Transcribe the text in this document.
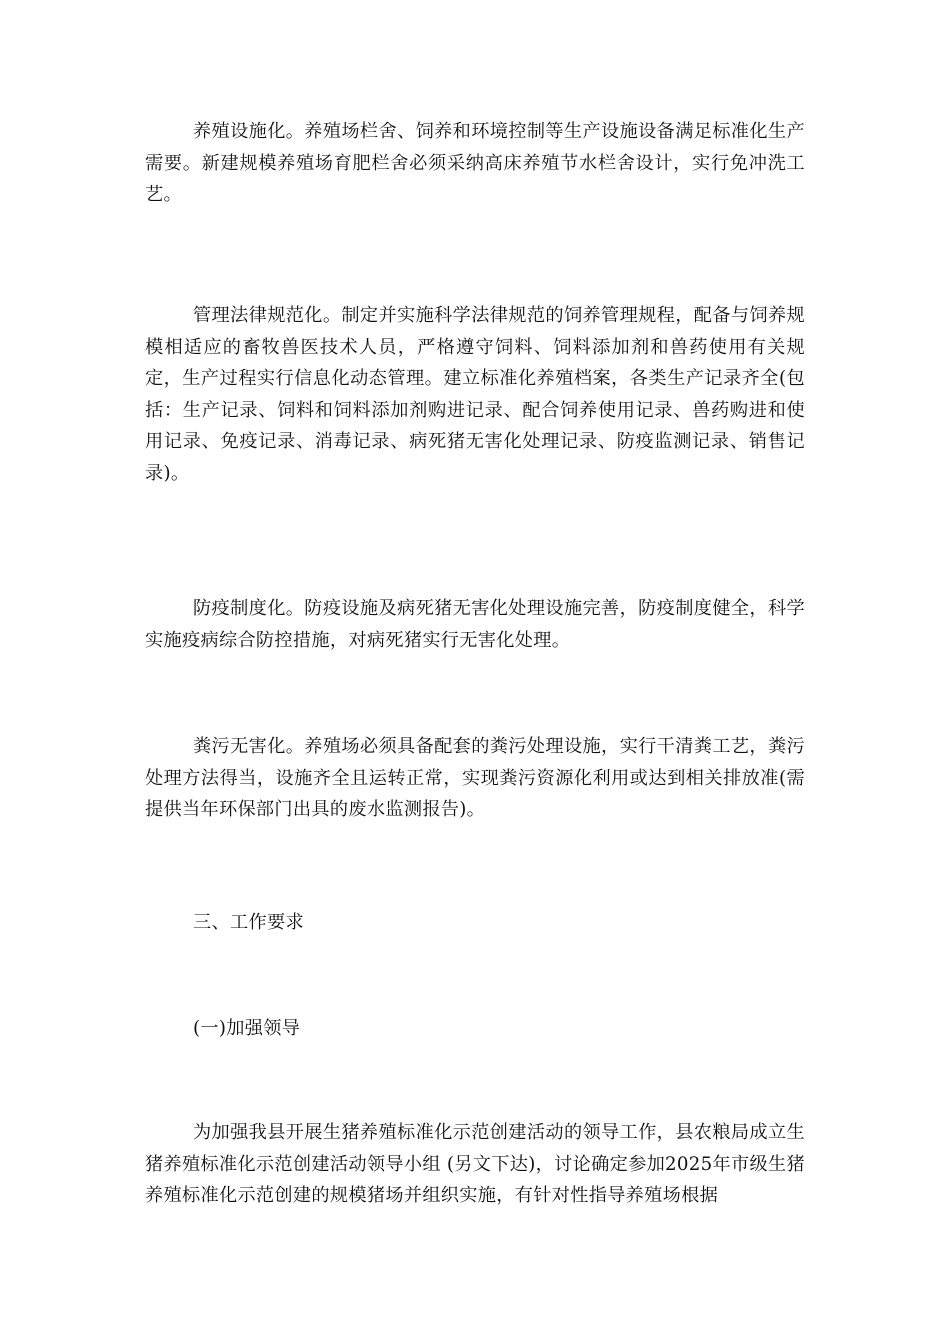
养殖设施化。养殖场栏舍、饲养和环境控制等生产设施设备满足标准化生产需要。新建规模养殖场育肥栏舍必须采纳高床养殖节水栏舍设计，实行免冲洗工艺。

管理法律规范化。制定并实施科学法律规范的饲养管理规程，配备与饲养规模相适应的畜牧兽医技术人员，严格遵守饲料、饲料添加剂和兽药使用有关规定，生产过程实行信息化动态管理。建立标准化养殖档案，各类生产记录齐全(包括：生产记录、饲料和饲料添加剂购进记录、配合饲养使用记录、兽药购进和使用记录、免疫记录、消毒记录、病死猪无害化处理记录、防疫监测记录、销售记录)。

防疫制度化。防疫设施及病死猪无害化处理设施完善，防疫制度健全，科学实施疫病综合防控措施，对病死猪实行无害化处理。

粪污无害化。养殖场必须具备配套的粪污处理设施，实行干清粪工艺，粪污处理方法得当，设施齐全且运转正常，实现粪污资源化利用或达到相关排放准(需提供当年环保部门出具的废水监测报告)。

三、工作要求

(一)加强领导

为加强我县开展生猪养殖标准化示范创建活动的领导工作，县农粮局成立生猪养殖标准化示范创建活动领导小组 (另文下达)，讨论确定参加2025年市级生猪养殖标准化示范创建的规模猪场并组织实施，有针对性指导养殖场根据
